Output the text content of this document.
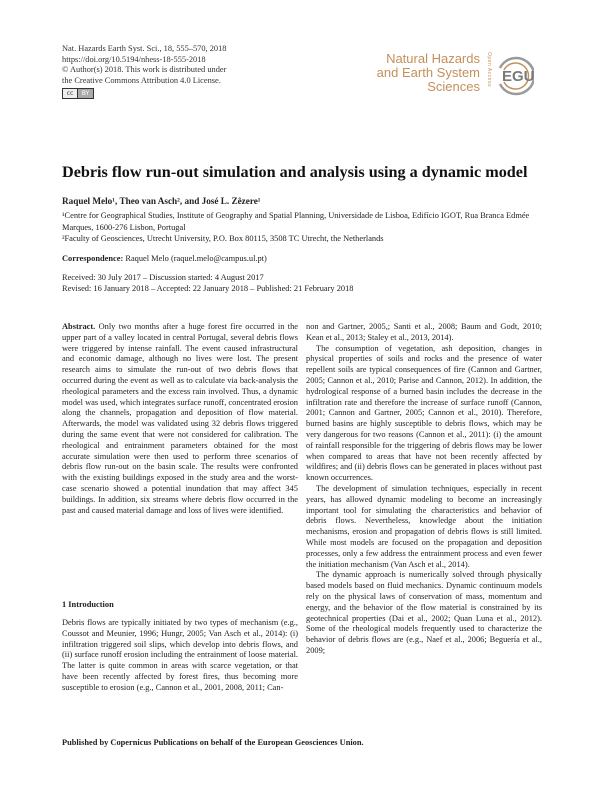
Nat. Hazards Earth Syst. Sci., 18, 555–570, 2018
https://doi.org/10.5194/nhess-18-555-2018
© Author(s) 2018. This work is distributed under
the Creative Commons Attribution 4.0 License.
cc	BY
Natural Hazards
and Earth System
Sciences Open Access EGU
Debris flow run-out simulation and analysis using a dynamic model
Raquel Melo¹, Theo van Asch², and José L. Zêzere¹
¹Centre for Geographical Studies, Institute of Geography and Spatial Planning, Universidade de Lisboa, Edifício IGOT, Rua Branca Edmée Marques, 1600-276 Lisbon, Portugal
²Faculty of Geosciences, Utrecht University, P.O. Box 80115, 3508 TC Utrecht, the Netherlands
Correspondence: Raquel Melo (raquel.melo@campus.ul.pt)
Received: 30 July 2017 – Discussion started: 4 August 2017
Revised: 16 January 2018 – Accepted: 22 January 2018 – Published: 21 February 2018

Abstract. Only two months after a huge forest fire occurred in the upper part of a valley located in central Portugal, several debris flows were triggered by intense rainfall. The event caused infrastructural and economic damage, although no lives were lost. The present research aims to simulate the run-out of two debris flows that occurred during the event as well as to calculate via back-analysis the rheological parameters and the excess rain involved. Thus, a dynamic model was used, which integrates surface runoff, concentrated erosion along the channels, propagation and deposition of flow material. Afterwards, the model was validated using 32 debris flows triggered during the same event that were not considered for calibration. The rheological and entrainment parameters obtained for the most accurate simulation were then used to perform three scenarios of debris flow run-out on the basin scale. The results were confronted with the existing buildings exposed in the study area and the worst-case scenario showed a potential inundation that may affect 345 buildings. In addition, six streams where debris flow occurred in the past and caused material damage and loss of lives were identified.

1 Introduction
Debris flows are typically initiated by two types of mechanism (e.g., Coussot and Meunier, 1996; Hungr, 2005; Van Asch et al., 2014): (i) infiltration triggered soil slips, which develop into debris flows, and (ii) surface runoff erosion including the entrainment of loose material. The latter is quite common in areas with scarce vegetation, or that have been recently affected by forest fires, thus becoming more susceptible to erosion (e.g., Cannon et al., 2001, 2008, 2011; Can-

non and Gartner, 2005,; Santi et al., 2008; Baum and Godt, 2010; Kean et al., 2013; Staley et al., 2013, 2014).

The consumption of vegetation, ash deposition, changes in physical properties of soils and rocks and the presence of water repellent soils are typical consequences of fire (Cannon and Gartner, 2005; Cannon et al., 2010; Parise and Cannon, 2012). In addition, the hydrological response of a burned basin includes the decrease in the infiltration rate and therefore the increase of surface runoff (Cannon, 2001; Cannon and Gartner, 2005; Cannon et al., 2010). Therefore, burned basins are highly susceptible to debris flows, which may be very dangerous for two reasons (Cannon et al., 2011): (i) the amount of rainfall responsible for the triggering of debris flows may be lower when compared to areas that have not been recently affected by wildfires; and (ii) debris flows can be generated in places without past known occurrences.

The development of simulation techniques, especially in recent years, has allowed dynamic modeling to become an increasingly important tool for simulating the characteristics and behavior of debris flows. Nevertheless, knowledge about the initiation mechanisms, erosion and propagation of debris flows is still limited. While most models are focused on the propagation and deposition processes, only a few address the entrainment process and even fewer the initiation mechanism (Van Asch et al., 2014).

The dynamic approach is numerically solved through physically based models based on fluid mechanics. Dynamic continuum models rely on the physical laws of conservation of mass, momentum and energy, and the behavior of the flow material is constrained by its geotechnical properties (Dai et al., 2002; Quan Luna et al., 2012). Some of the rheological models frequently used to characterize the behavior of debris flows are (e.g., Naef et al., 2006; Beguería et al., 2009;

Published by Copernicus Publications on behalf of the European Geosciences Union.
